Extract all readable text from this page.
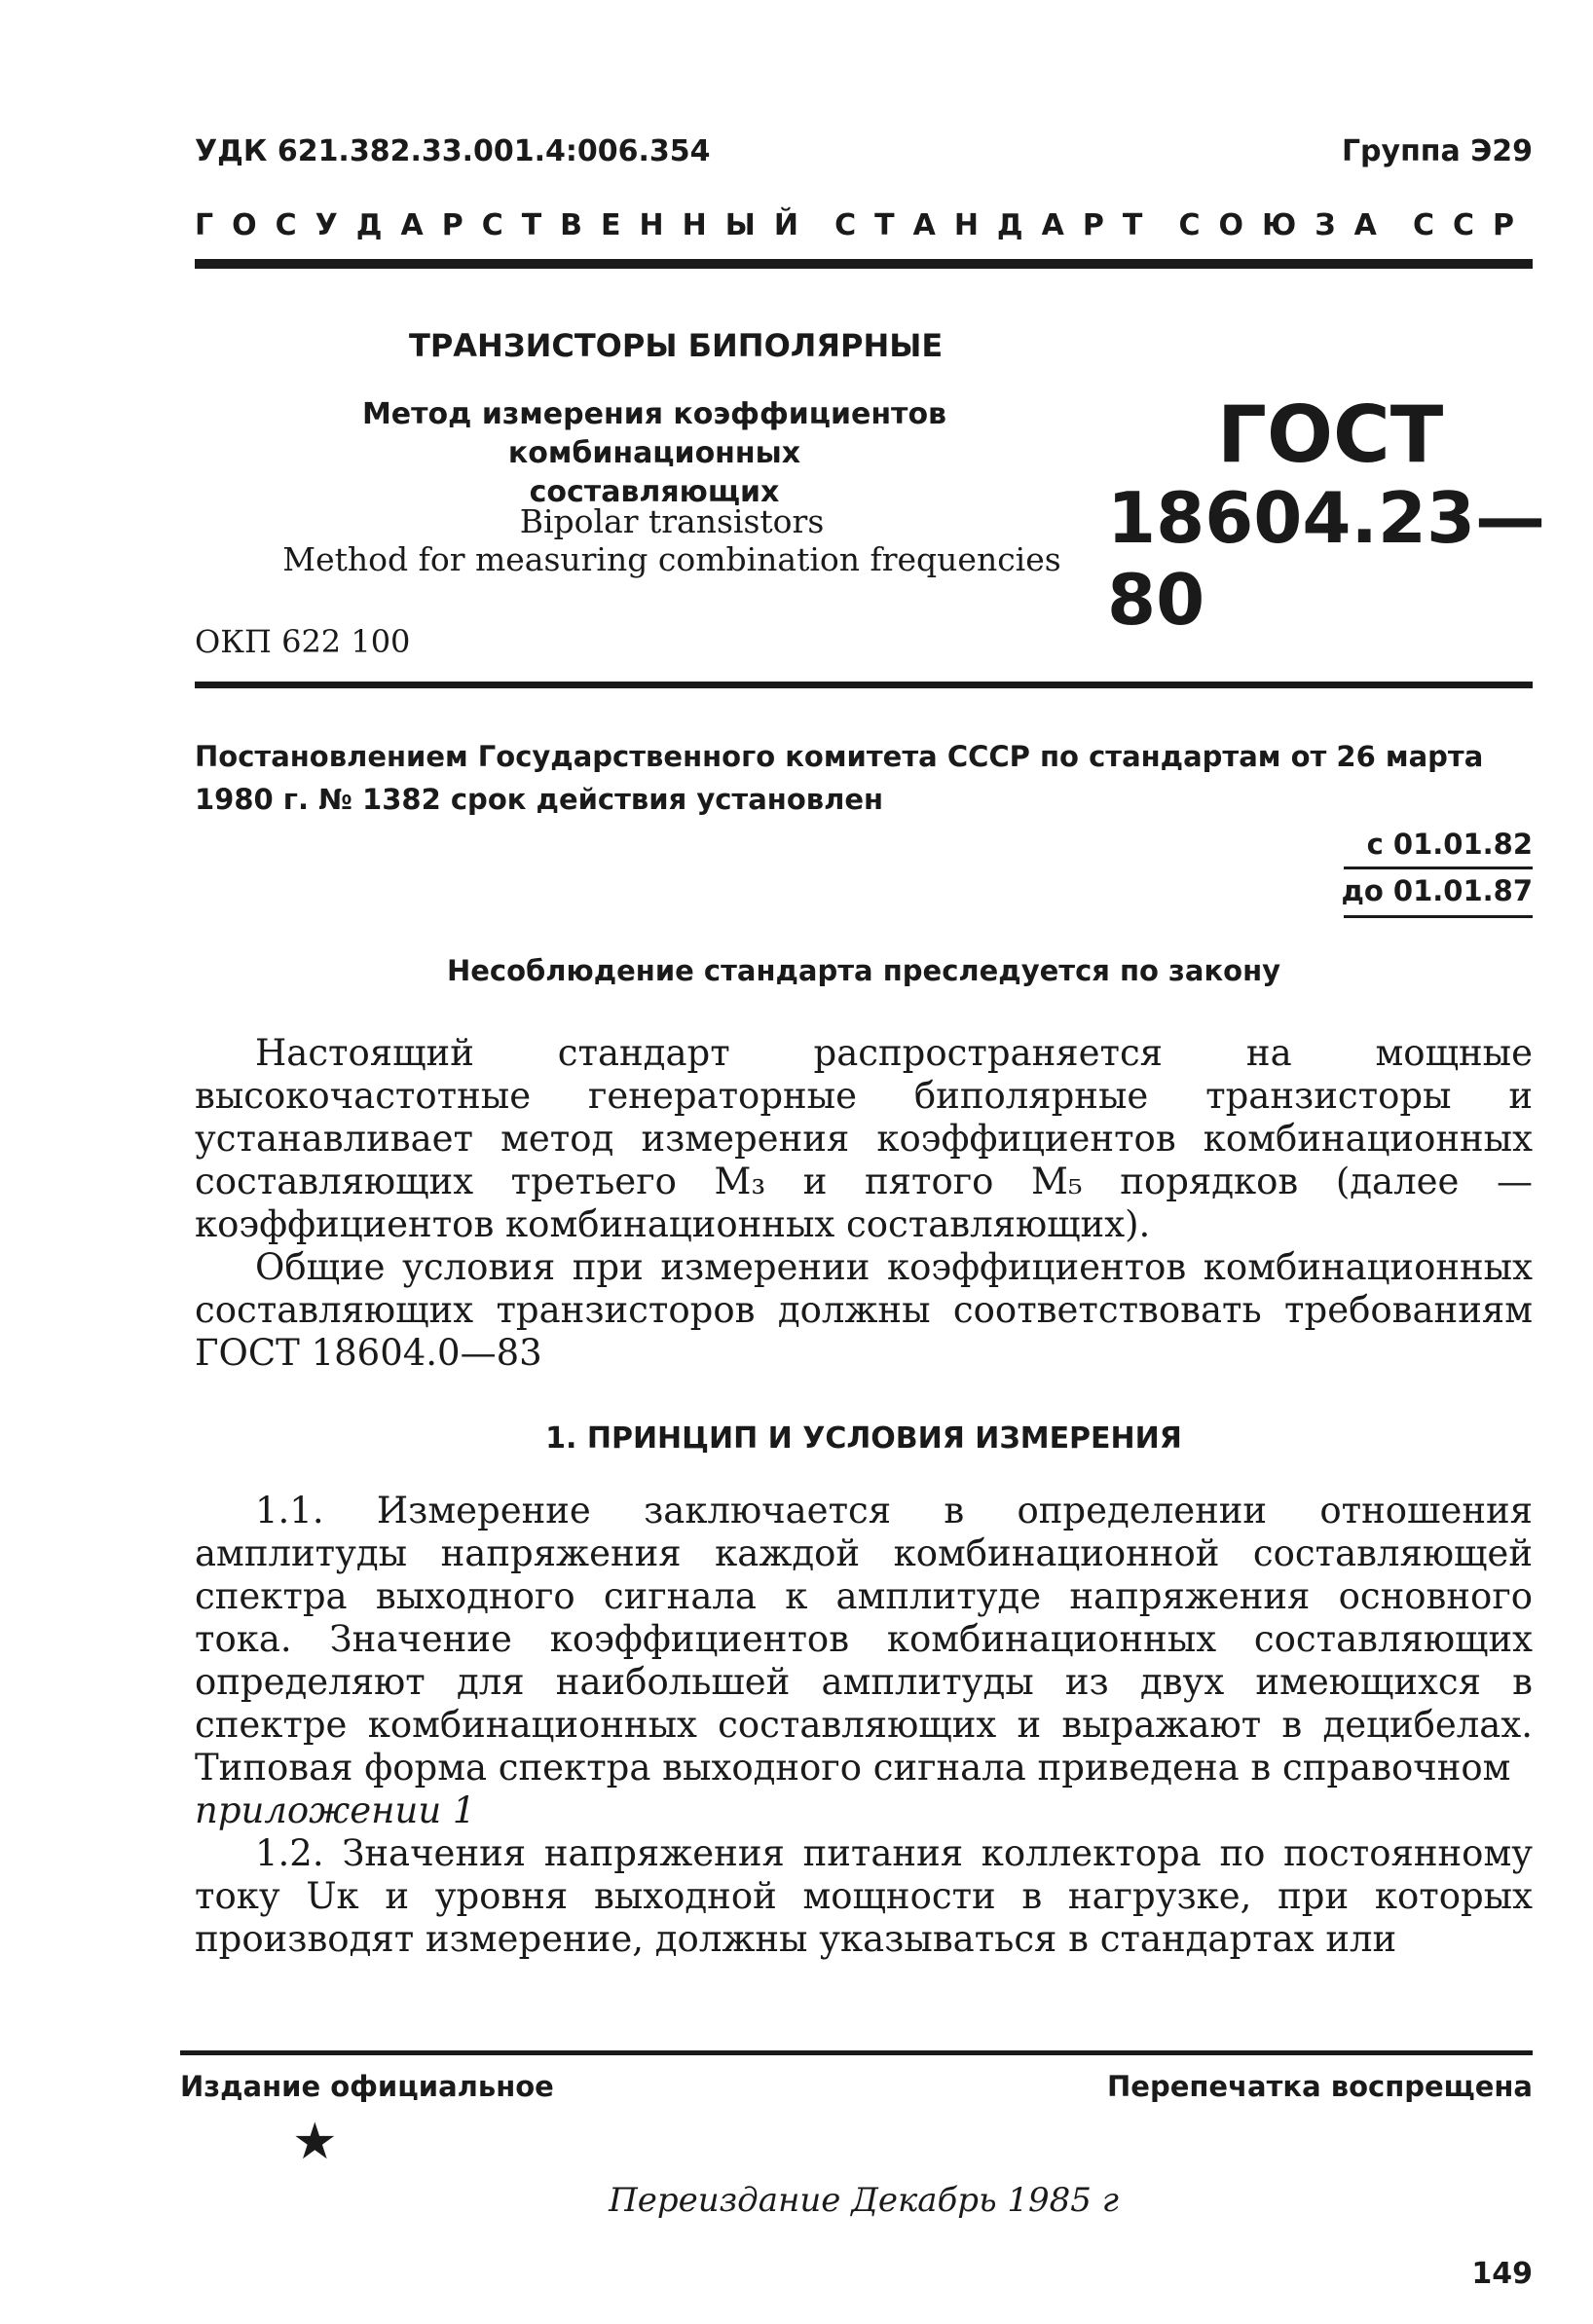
УДК 621.382.33.001.4:006.354	Группа Э29
ГОСУДАРСТВЕННЫЙ СТАНДАРТ СОЮЗА ССР
ТРАНЗИСТОРЫ БИПОЛЯРНЫЕ
Метод измерения коэффициентов комбинационных
составляющих
Bipolar transistors
Method for measuring combination frequencies
ГОСТ
18604.23—80
ОКП 622 100
Постановлением Государственного комитета СССР по стандартам от 26 марта 1980 г. № 1382 срок действия установлен
с 01.01.82
до 01.01.87
Несоблюдение стандарта преследуется по закону

Настоящий стандарт распространяется на мощные высокочастотные генераторные биполярные транзисторы и устанавливает метод измерения коэффициентов комбинационных составляющих третьего M₃ и пятого M₅ порядков (далее — коэффициентов комбинационных составляющих).

Общие условия при измерении коэффициентов комбинационных составляющих транзисторов должны соответствовать требованиям ГОСТ 18604.0—83

1. ПРИНЦИП И УСЛОВИЯ ИЗМЕРЕНИЯ

1.1. Измерение заключается в определении отношения амплитуды напряжения каждой комбинационной составляющей спектра выходного сигнала к амплитуде напряжения основного тока. Значение коэффициентов комбинационных составляющих определяют для наибольшей амплитуды из двух имеющихся в спектре комбинационных составляющих и выражают в децибелах. Типовая форма спектра выходного сигнала приведена в справочном

приложении 1

1.2. Значения напряжения питания коллектора по постоянному току Uк и уровня выходной мощности в нагрузке, при которых производят измерение, должны указываться в стандартах или

Издание официальное	Перепечатка воспрещена
★
Переиздание Декабрь 1985 г
149
